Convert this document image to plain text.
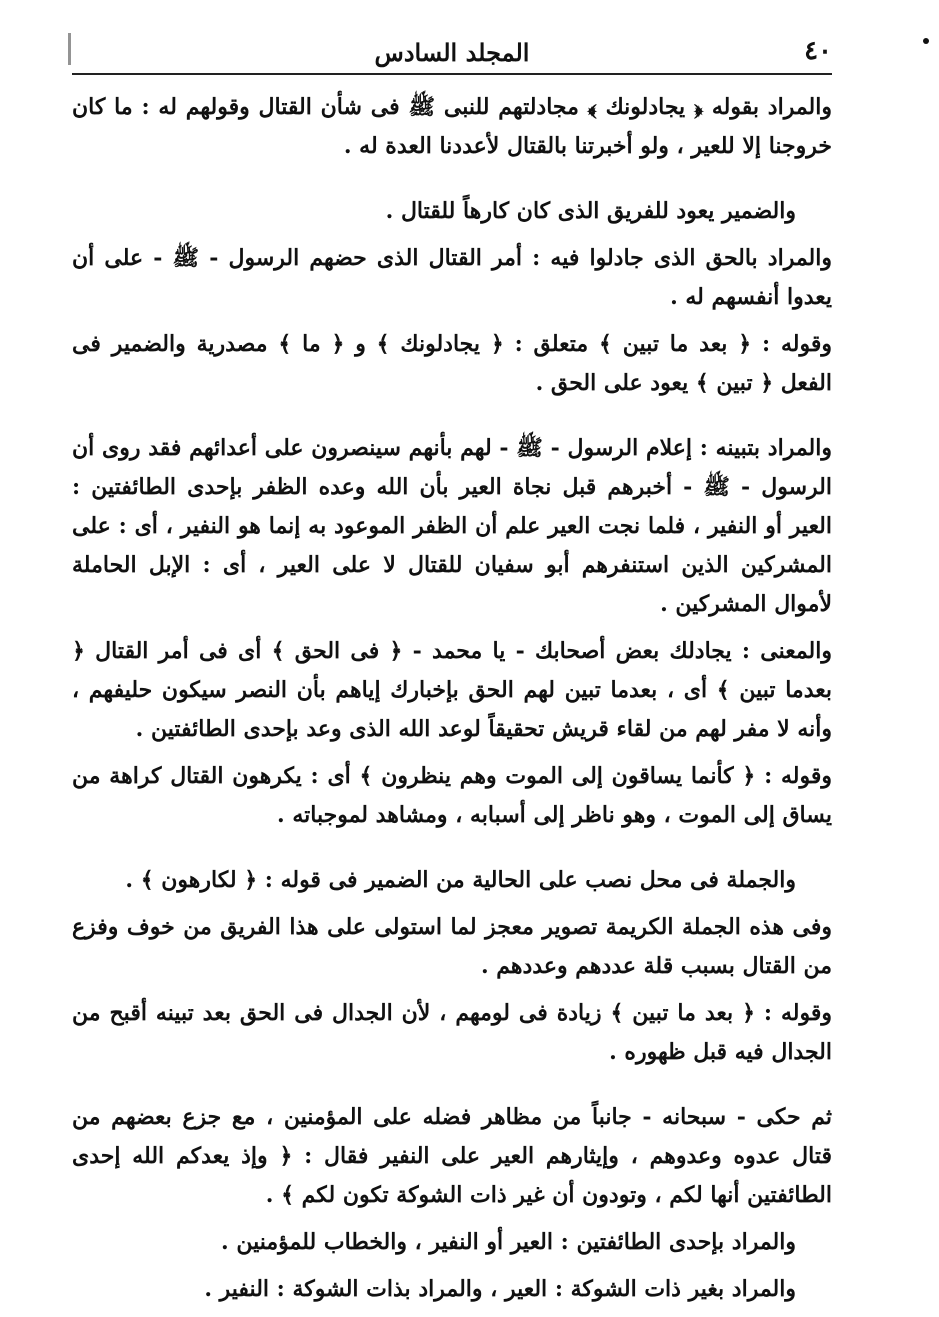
٤٠
المجلد السادس

والمراد بقوله ﴿ يجادلونك ﴾ مجادلتهم للنبى ﷺ فى شأن القتال وقولهم له : ما كان خروجنا إلا للعير ، ولو أخبرتنا بالقتال لأعددنا العدة له .

والضمير يعود للفريق الذى كان كارهاً للقتال .

والمراد بالحق الذى جادلوا فيه : أمر القتال الذى حضهم الرسول - ﷺ - على أن يعدوا أنفسهم له .

وقوله : ﴿ بعد ما تبين ﴾ متعلق : ﴿ يجادلونك ﴾ و ﴿ ما ﴾ مصدرية والضمير فى الفعل ﴿ تبين ﴾ يعود على الحق .

والمراد بتبينه : إعلام الرسول - ﷺ - لهم بأنهم سينصرون على أعدائهم فقد روى أن الرسول - ﷺ - أخبرهم قبل نجاة العير بأن الله وعده الظفر بإحدى الطائفتين : العير أو النفير ، فلما نجت العير علم أن الظفر الموعود به إنما هو النفير ، أى : على المشركين الذين استنفرهم أبو سفيان للقتال لا على العير ، أى : الإبل الحاملة لأموال المشركين .

والمعنى : يجادلك بعض أصحابك - يا محمد - ﴿ فى الحق ﴾ أى فى أمر القتال ﴿ بعدما تبين ﴾ أى ، بعدما تبين لهم الحق بإخبارك إياهم بأن النصر سيكون حليفهم ، وأنه لا مفر لهم من لقاء قريش تحقيقاً لوعد الله الذى وعد بإحدى الطائفتين .

وقوله : ﴿ كأنما يساقون إلى الموت وهم ينظرون ﴾ أى : يكرهون القتال كراهة من يساق إلى الموت ، وهو ناظر إلى أسبابه ، ومشاهد لموجباته .

والجملة فى محل نصب على الحالية من الضمير فى قوله : ﴿ لكارهون ﴾ .

وفى هذه الجملة الكريمة تصوير معجز لما استولى على هذا الفريق من خوف وفزع من القتال بسبب قلة عددهم وعددهم .

وقوله : ﴿ بعد ما تبين ﴾ زيادة فى لومهم ، لأن الجدال فى الحق بعد تبينه أقبح من الجدال فيه قبل ظهوره .

ثم حكى - سبحانه - جانباً من مظاهر فضله على المؤمنين ، مع جزع بعضهم من قتال عدوه وعدوهم ، وإيثارهم العير على النفير فقال : ﴿ وإذ يعدكم الله إحدى الطائفتين أنها لكم ، وتودون أن غير ذات الشوكة تكون لكم ﴾ .

والمراد بإحدى الطائفتين : العير أو النفير ، والخطاب للمؤمنين .

والمراد بغير ذات الشوكة : العير ، والمراد بذات الشوكة : النفير .
